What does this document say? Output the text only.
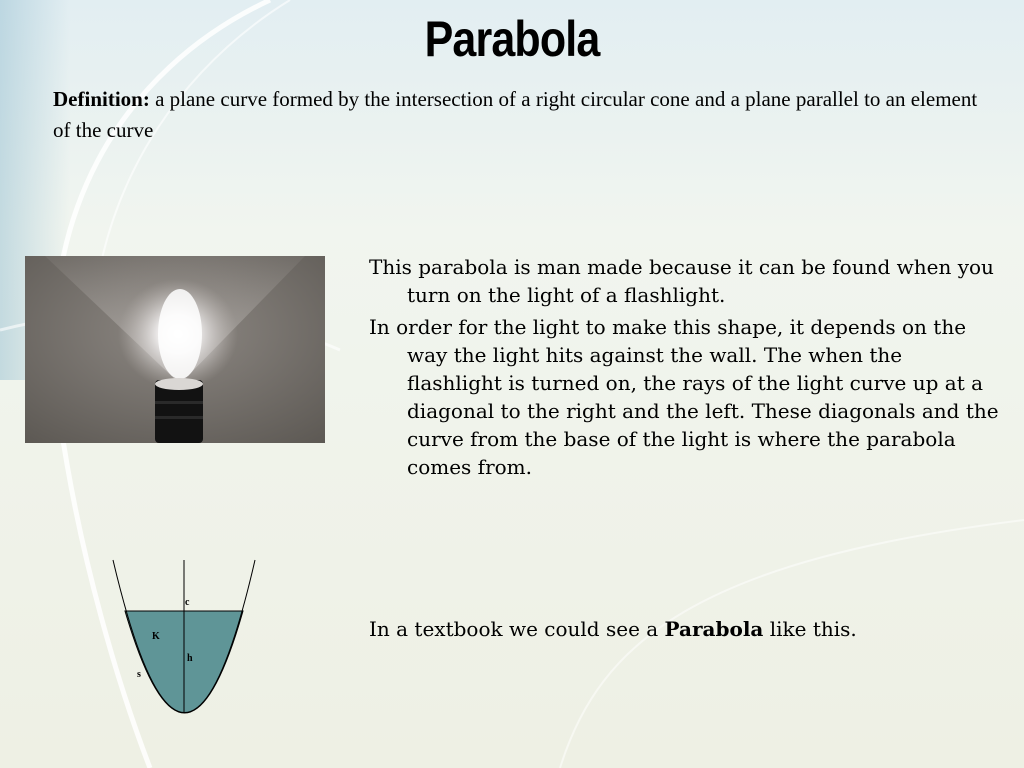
Parabola
Definition: a plane curve formed by the intersection of a right circular cone and a plane parallel to an element of the curve

This parabola is man made because it can be found when you turn on the light of a flashlight.

In order for the light to make this shape, it depends on the way the light hits against the wall. The when the flashlight is turned on, the rays of the light curve up at a diagonal to the right and the left. These diagonals and the curve from the base of the light is where the parabola comes from.

In a textbook we could see a Parabola like this.
c
K
h
s
